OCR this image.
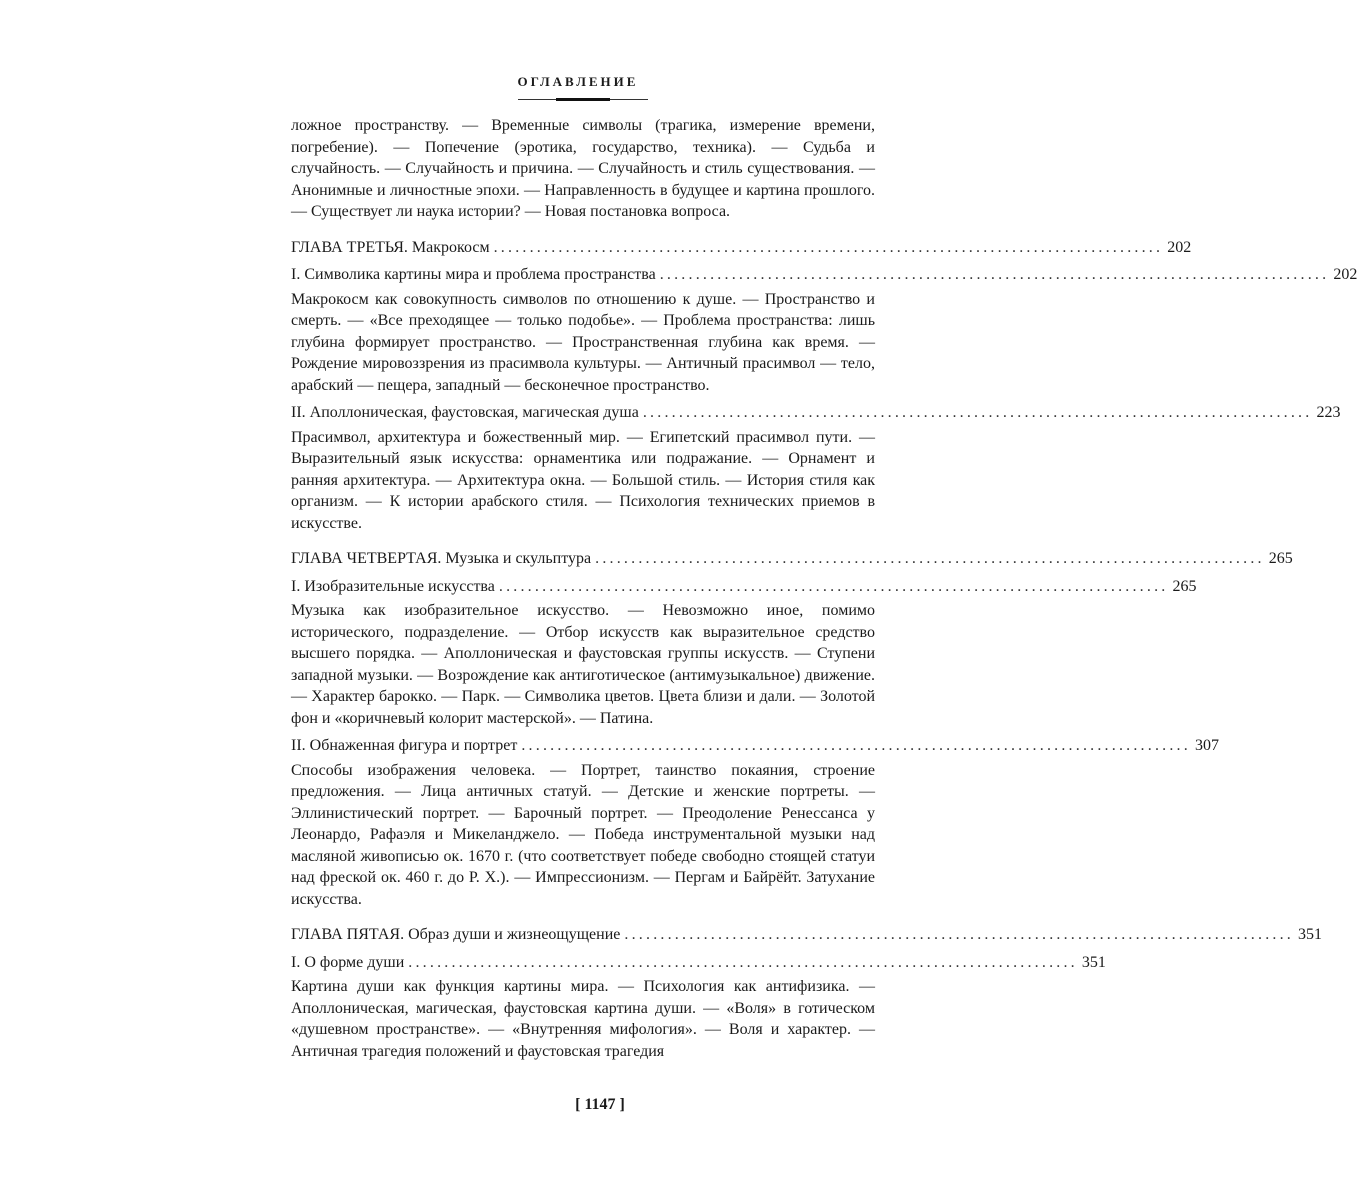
ОГЛАВЛЕНИЕ

ложное пространству. — Временные символы (трагика, измерение времени, погребение). — Попечение (эротика, государство, техника). — Судьба и случайность. — Случайность и причина. — Случайность и стиль существования. — Анонимные и личностные эпохи. — Направленность в будущее и картина прошлого. — Существует ли наука истории? — Новая постановка вопроса.

ГЛАВА ТРЕТЬЯ. Макрокосм ............................................................................................. 202
I. Символика картины мира и проблема пространства ............................................................................................. 202

Макрокосм как совокупность символов по отношению к душе. — Пространство и смерть. — «Все преходящее — только подобье». — Проблема пространства: лишь глубина формирует пространство. — Пространственная глубина как время. — Рождение мировоззрения из прасимвола культуры. — Античный прасимвол — тело, арабский — пещера, западный — бесконечное пространство.

II. Аполлоническая, фаустовская, магическая душа ............................................................................................. 223

Прасимвол, архитектура и божественный мир. — Египетский прасимвол пути. — Выразительный язык искусства: орнаментика или подражание. — Орнамент и ранняя архитектура. — Архитектура окна. — Большой стиль. — История стиля как организм. — К истории арабского стиля. — Психология технических приемов в искусстве.

ГЛАВА ЧЕТВЕРТАЯ. Музыка и скульптура ............................................................................................. 265
I. Изобразительные искусства ............................................................................................. 265

Музыка как изобразительное искусство. — Невозможно иное, помимо исторического, подразделение. — Отбор искусств как выразительное средство высшего порядка. — Аполлоническая и фаустовская группы искусств. — Ступени западной музыки. — Возрождение как антиготическое (антимузыкальное) движение. — Характер барокко. — Парк. — Символика цветов. Цвета близи и дали. — Золотой фон и «коричневый колорит мастерской». — Патина.

II. Обнаженная фигура и портрет ............................................................................................. 307

Способы изображения человека. — Портрет, таинство покаяния, строение предложения. — Лица античных статуй. — Детские и женские портреты. — Эллинистический портрет. — Барочный портрет. — Преодоление Ренессанса у Леонардо, Рафаэля и Микеланджело. — Победа инструментальной музыки над масляной живописью ок. 1670 г. (что соответствует победе свободно стоящей статуи над фреской ок. 460 г. до Р. Х.). — Импрессионизм. — Пергам и Байрёйт. Затухание искусства.

ГЛАВА ПЯТАЯ. Образ души и жизнеощущение ............................................................................................. 351
I. О форме души ............................................................................................. 351

Картина души как функция картины мира. — Психология как антифизика. — Аполлоническая, магическая, фаустовская картина души. — «Воля» в готическом «душевном пространстве». — «Внутренняя мифология». — Воля и характер. — Античная трагедия положений и фаустовская трагедия

[ 1147 ]
